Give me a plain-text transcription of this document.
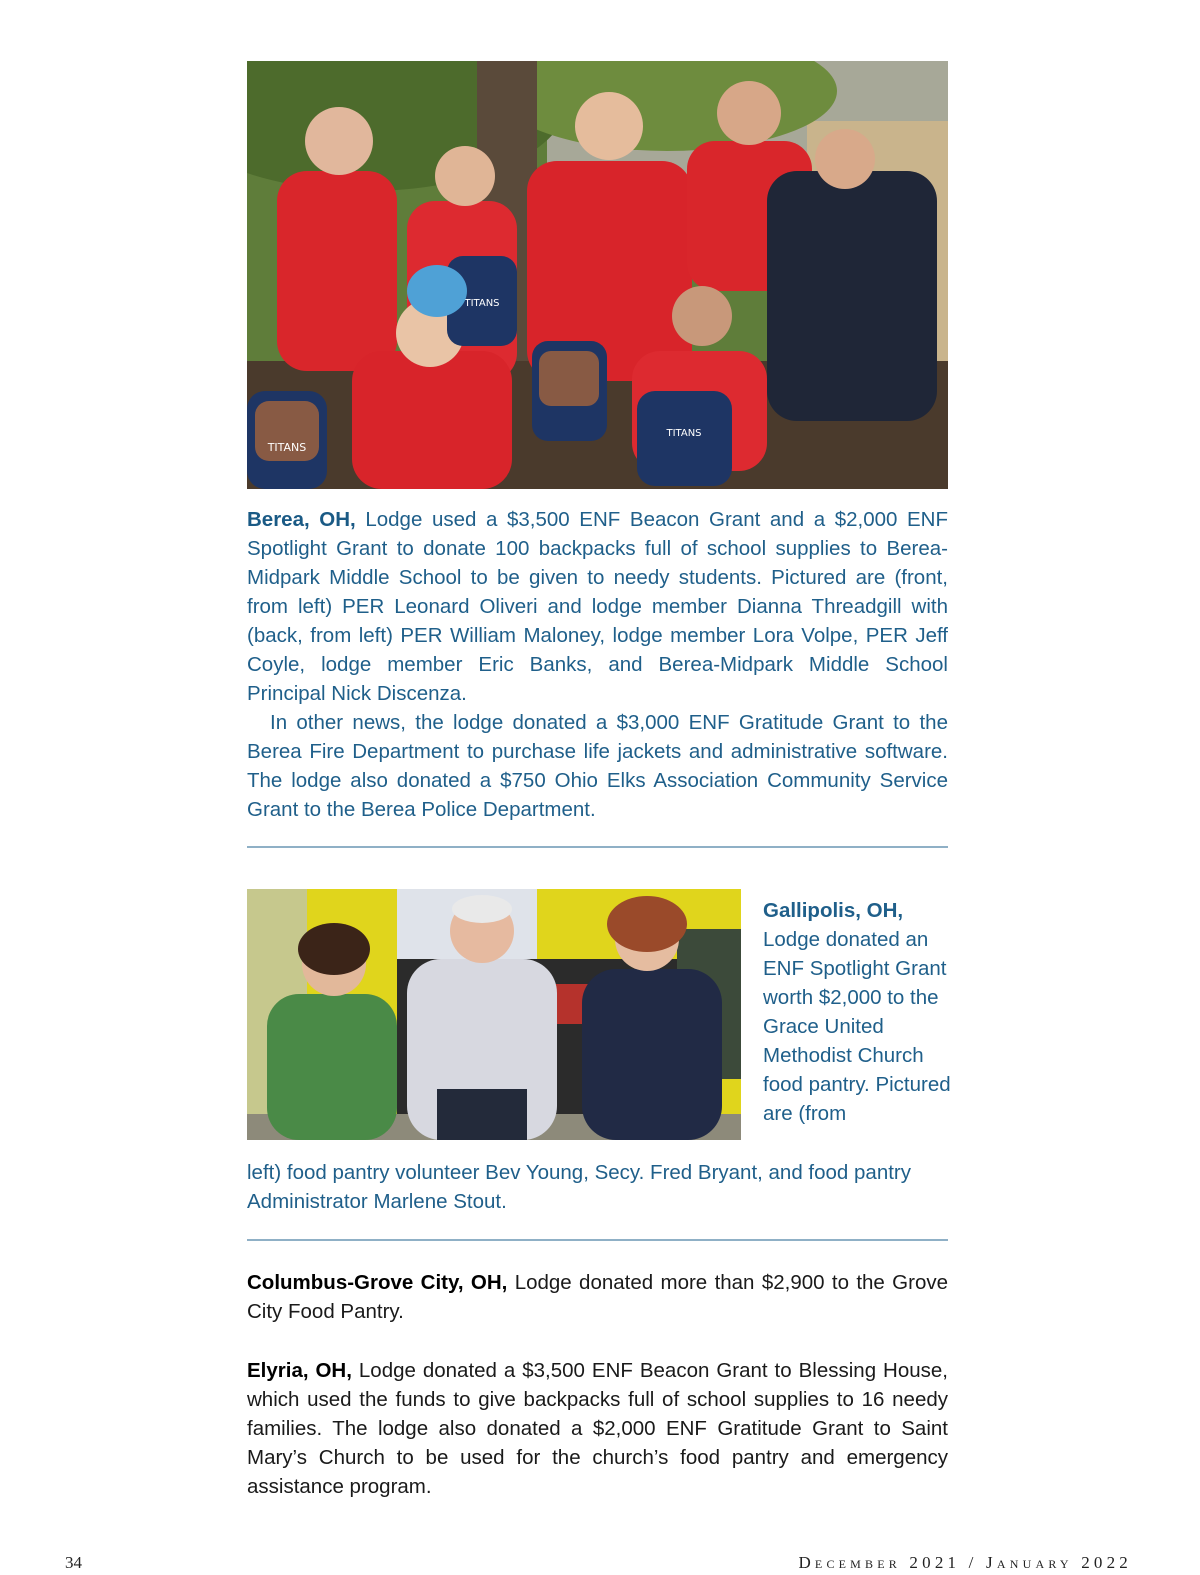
TITANS
TITANS
TITANS

Berea, OH, Lodge used a $3,500 ENF Beacon Grant and a $2,000 ENF Spotlight Grant to donate 100 backpacks full of school supplies to Berea-Midpark Middle School to be given to needy students. Pictured are (front, from left) PER Leonard Oliveri and lodge member Dianna Threadgill with (back, from left) PER William Maloney, lodge member Lora Volpe, PER Jeff Coyle, lodge member Eric Banks, and Berea-Midpark Middle School Principal Nick Discenza.

In other news, the lodge donated a $3,000 ENF Gratitude Grant to the Berea Fire Department to purchase life jackets and administrative software. The lodge also donated a $750 Ohio Elks Association Community Service Grant to the Berea Police Department.

Gallipolis, OH,
Lodge donated an ENF Spotlight Grant worth $2,000 to the Grace United Methodist Church food pantry. Pictured are (from

left) food pantry volunteer Bev Young, Secy. Fred Bryant, and food pantry Administrator Marlene Stout.

Columbus-Grove City, OH, Lodge donated more than $2,900 to the Grove City Food Pantry.

Elyria, OH, Lodge donated a $3,500 ENF Beacon Grant to Blessing House, which used the funds to give backpacks full of school supplies to 16 needy families. The lodge also donated a $2,000 ENF Gratitude Grant to Saint Mary’s Church to be used for the church’s food pantry and emergency assistance program.

34	December 2021 / January 2022
